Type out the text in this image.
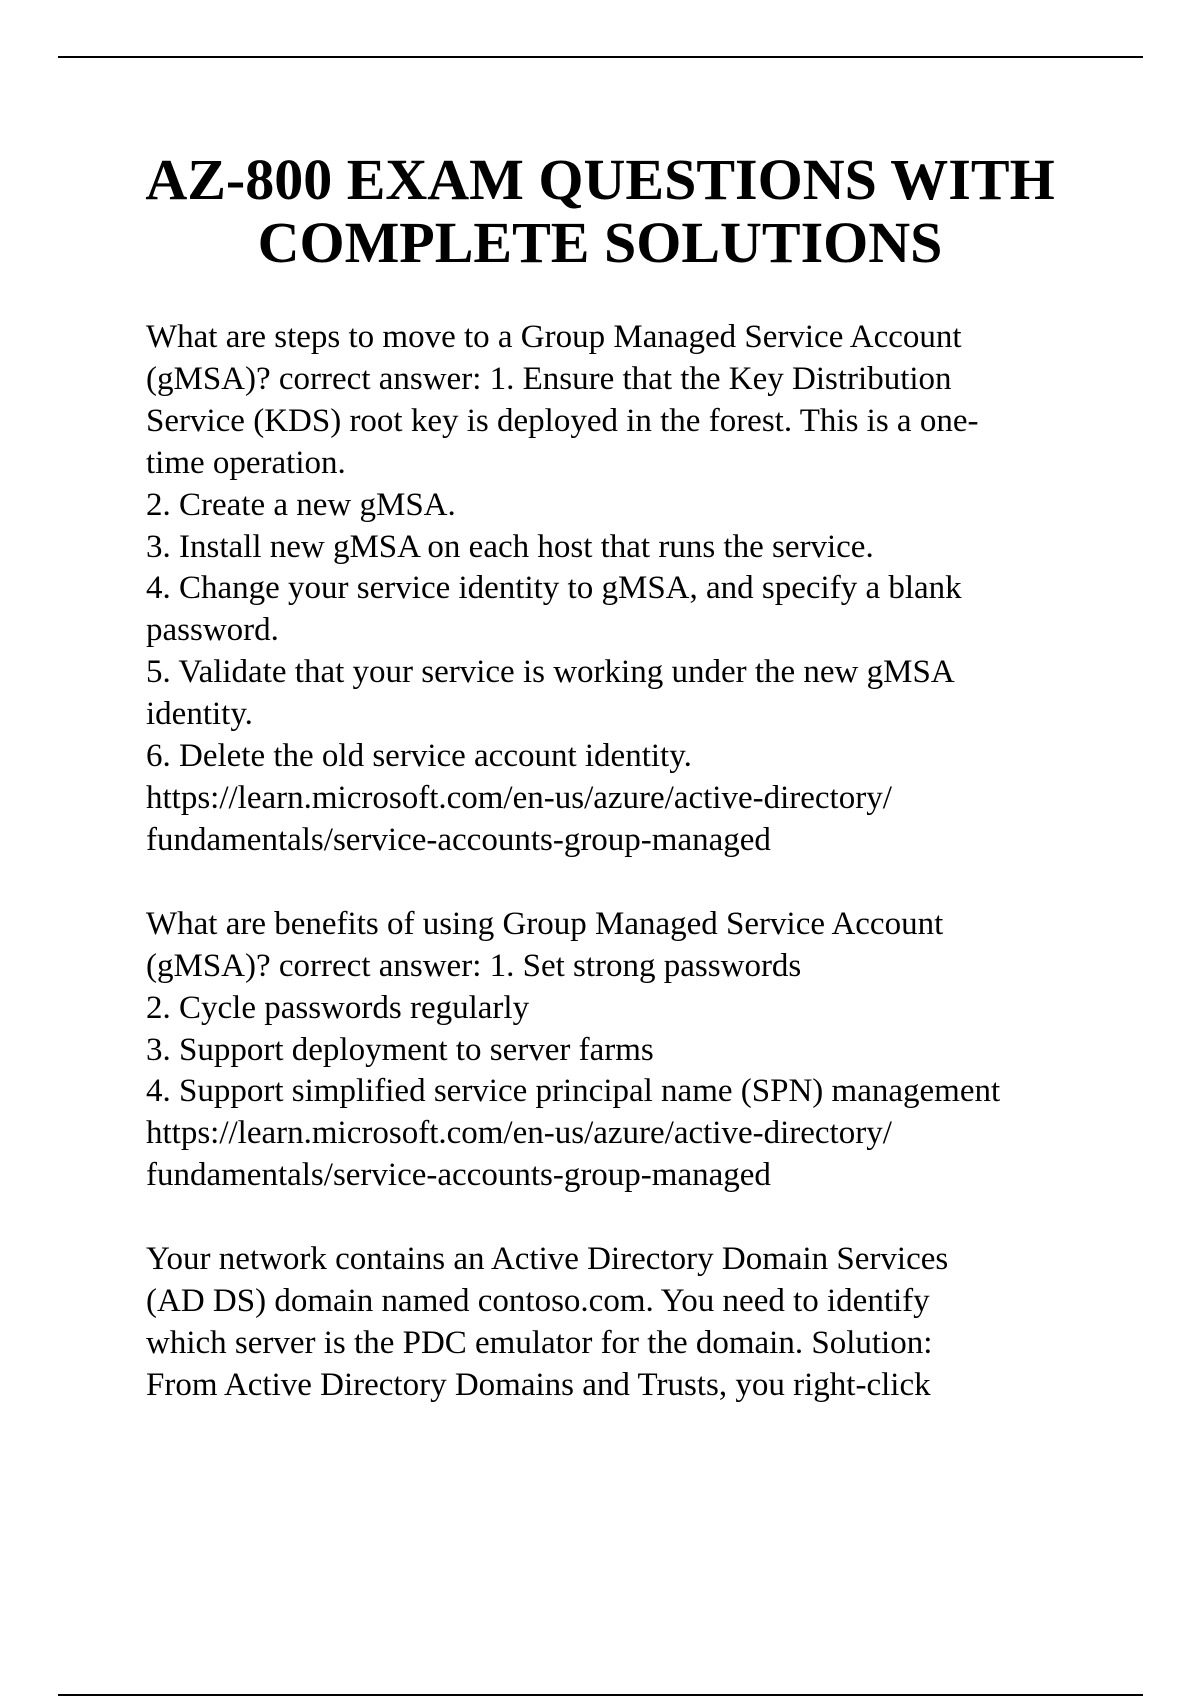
AZ-800 EXAM QUESTIONS WITH
COMPLETE SOLUTIONS
What are steps to move to a Group Managed Service Account
(gMSA)? correct answer: 1. Ensure that the Key Distribution
Service (KDS) root key is deployed in the forest. This is a one-
time operation.
2. Create a new gMSA.
3. Install new gMSA on each host that runs the service.
4. Change your service identity to gMSA, and specify a blank
password.
5. Validate that your service is working under the new gMSA
identity.
6. Delete the old service account identity.
https://learn.microsoft.com/en-us/azure/active-directory/
fundamentals/service-accounts-group-managed
What are benefits of using Group Managed Service Account
(gMSA)? correct answer: 1. Set strong passwords
2. Cycle passwords regularly
3. Support deployment to server farms
4. Support simplified service principal name (SPN) management
https://learn.microsoft.com/en-us/azure/active-directory/
fundamentals/service-accounts-group-managed
Your network contains an Active Directory Domain Services
(AD DS) domain named contoso.com. You need to identify
which server is the PDC emulator for the domain. Solution:
From Active Directory Domains and Trusts, you right-click
